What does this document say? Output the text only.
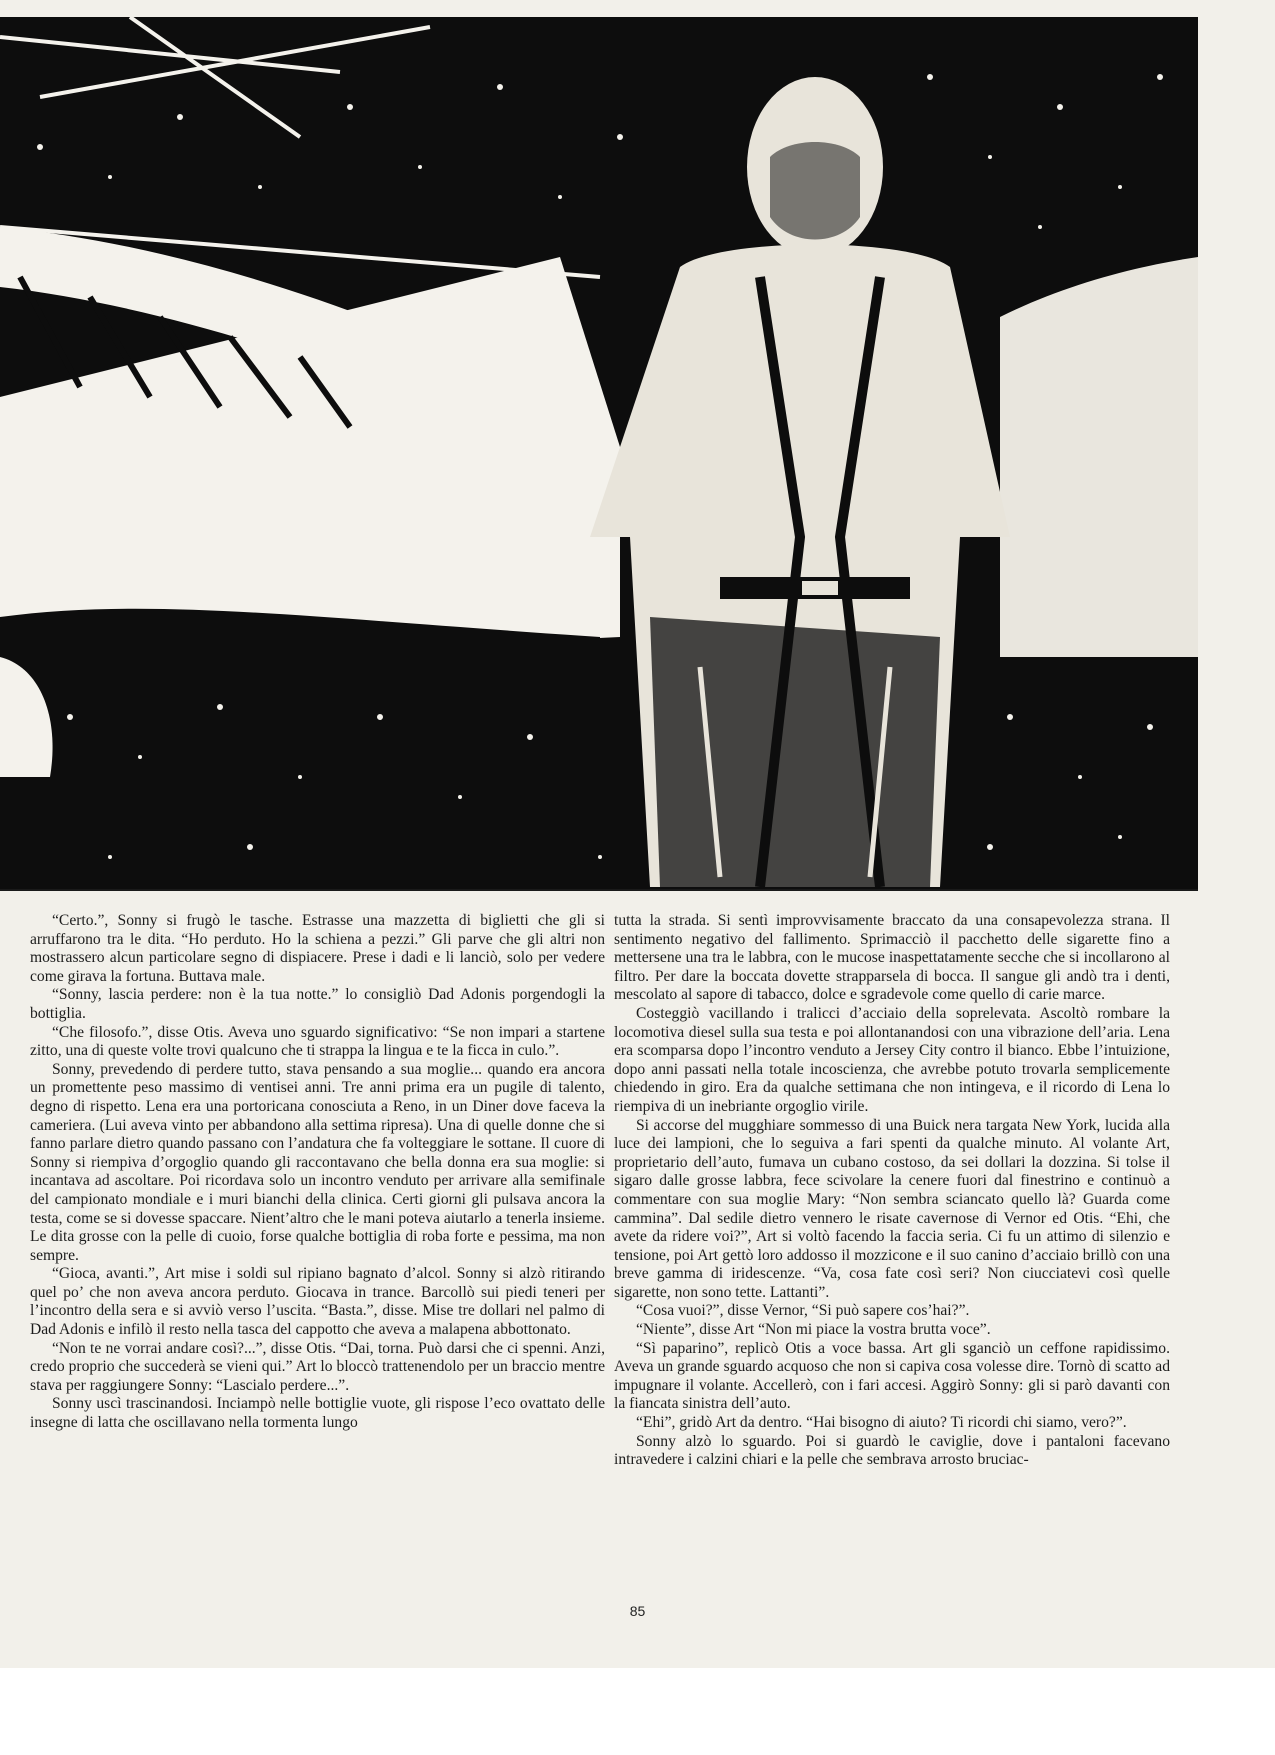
“Certo.”, Sonny si frugò le tasche. Estrasse una mazzetta di biglietti che gli si arruffarono tra le dita. “Ho perduto. Ho la schiena a pezzi.” Gli parve che gli altri non mostrassero alcun particolare segno di dispiacere. Prese i dadi e li lanciò, solo per vedere come girava la fortuna. Buttava male.

“Sonny, lascia perdere: non è la tua notte.” lo consigliò Dad Adonis porgendogli la bottiglia.

“Che filosofo.”, disse Otis. Aveva uno sguardo significativo: “Se non impari a startene zitto, una di queste volte trovi qualcuno che ti strappa la lingua e te la ficca in culo.”.

Sonny, prevedendo di perdere tutto, stava pensando a sua moglie... quando era ancora un promettente peso massimo di ventisei anni. Tre anni prima era un pugile di talento, degno di rispetto. Lena era una portoricana conosciuta a Reno, in un Diner dove faceva la cameriera. (Lui aveva vinto per abbandono alla settima ripresa). Una di quelle donne che si fanno parlare dietro quando passano con l’andatura che fa volteggiare le sottane. Il cuore di Sonny si riempiva d’orgoglio quando gli raccontavano che bella donna era sua moglie: si incantava ad ascoltare. Poi ricordava solo un incontro venduto per arrivare alla semifinale del campionato mondiale e i muri bianchi della clinica. Certi giorni gli pulsava ancora la testa, come se si dovesse spaccare. Nient’altro che le mani poteva aiutarlo a tenerla insieme. Le dita grosse con la pelle di cuoio, forse qualche bottiglia di roba forte e pessima, ma non sempre.

“Gioca, avanti.”, Art mise i soldi sul ripiano bagnato d’alcol. Sonny si alzò ritirando quel po’ che non aveva ancora perduto. Giocava in trance. Barcollò sui piedi teneri per l’incontro della sera e si avviò verso l’uscita. “Basta.”, disse. Mise tre dollari nel palmo di Dad Adonis e infilò il resto nella tasca del cappotto che aveva a malapena abbottonato.

“Non te ne vorrai andare così?...”, disse Otis. “Dai, torna. Può darsi che ci spenni. Anzi, credo proprio che succederà se vieni qui.” Art lo bloccò trattenendolo per un braccio mentre stava per raggiungere Sonny: “Lascialo perdere...”.

Sonny uscì trascinandosi. Inciampò nelle bottiglie vuote, gli rispose l’eco ovattato delle insegne di latta che oscillavano nella tormenta lungo

tutta la strada. Si sentì improvvisamente braccato da una consapevolezza strana. Il sentimento negativo del fallimento. Sprimacciò il pacchetto delle sigarette fino a mettersene una tra le labbra, con le mucose inaspettatamente secche che si incollarono al filtro. Per dare la boccata dovette strapparsela di bocca. Il sangue gli andò tra i denti, mescolato al sapore di tabacco, dolce e sgradevole come quello di carie marce.

Costeggiò vacillando i tralicci d’acciaio della soprelevata. Ascoltò rombare la locomotiva diesel sulla sua testa e poi allontanandosi con una vibrazione dell’aria. Lena era scomparsa dopo l’incontro venduto a Jersey City contro il bianco. Ebbe l’intuizione, dopo anni passati nella totale incoscienza, che avrebbe potuto trovarla semplicemente chiedendo in giro. Era da qualche settimana che non intingeva, e il ricordo di Lena lo riempiva di un inebriante orgoglio virile.

Si accorse del mugghiare sommesso di una Buick nera targata New York, lucida alla luce dei lampioni, che lo seguiva a fari spenti da qualche minuto. Al volante Art, proprietario dell’auto, fumava un cubano costoso, da sei dollari la dozzina. Si tolse il sigaro dalle grosse labbra, fece scivolare la cenere fuori dal finestrino e continuò a commentare con sua moglie Mary: “Non sembra sciancato quello là? Guarda come cammina”. Dal sedile dietro vennero le risate cavernose di Vernor ed Otis. “Ehi, che avete da ridere voi?”, Art si voltò facendo la faccia seria. Ci fu un attimo di silenzio e tensione, poi Art gettò loro addosso il mozzicone e il suo canino d’acciaio brillò con una breve gamma di iridescenze. “Va, cosa fate così seri? Non ciucciatevi così quelle sigarette, non sono tette. Lattanti”.

“Cosa vuoi?”, disse Vernor, “Si può sapere cos’hai?”.

“Niente”, disse Art “Non mi piace la vostra brutta voce”.

“Sì paparino”, replicò Otis a voce bassa. Art gli sganciò un ceffone rapidissimo. Aveva un grande sguardo acquoso che non si capiva cosa volesse dire. Tornò di scatto ad impugnare il volante. Accellerò, con i fari accesi. Aggirò Sonny: gli si parò davanti con la fiancata sinistra dell’auto.

“Ehi”, gridò Art da dentro. “Hai bisogno di aiuto? Ti ricordi chi siamo, vero?”.

Sonny alzò lo sguardo. Poi si guardò le caviglie, dove i pantaloni facevano intravedere i calzini chiari e la pelle che sembrava arrosto bruciac-

85
